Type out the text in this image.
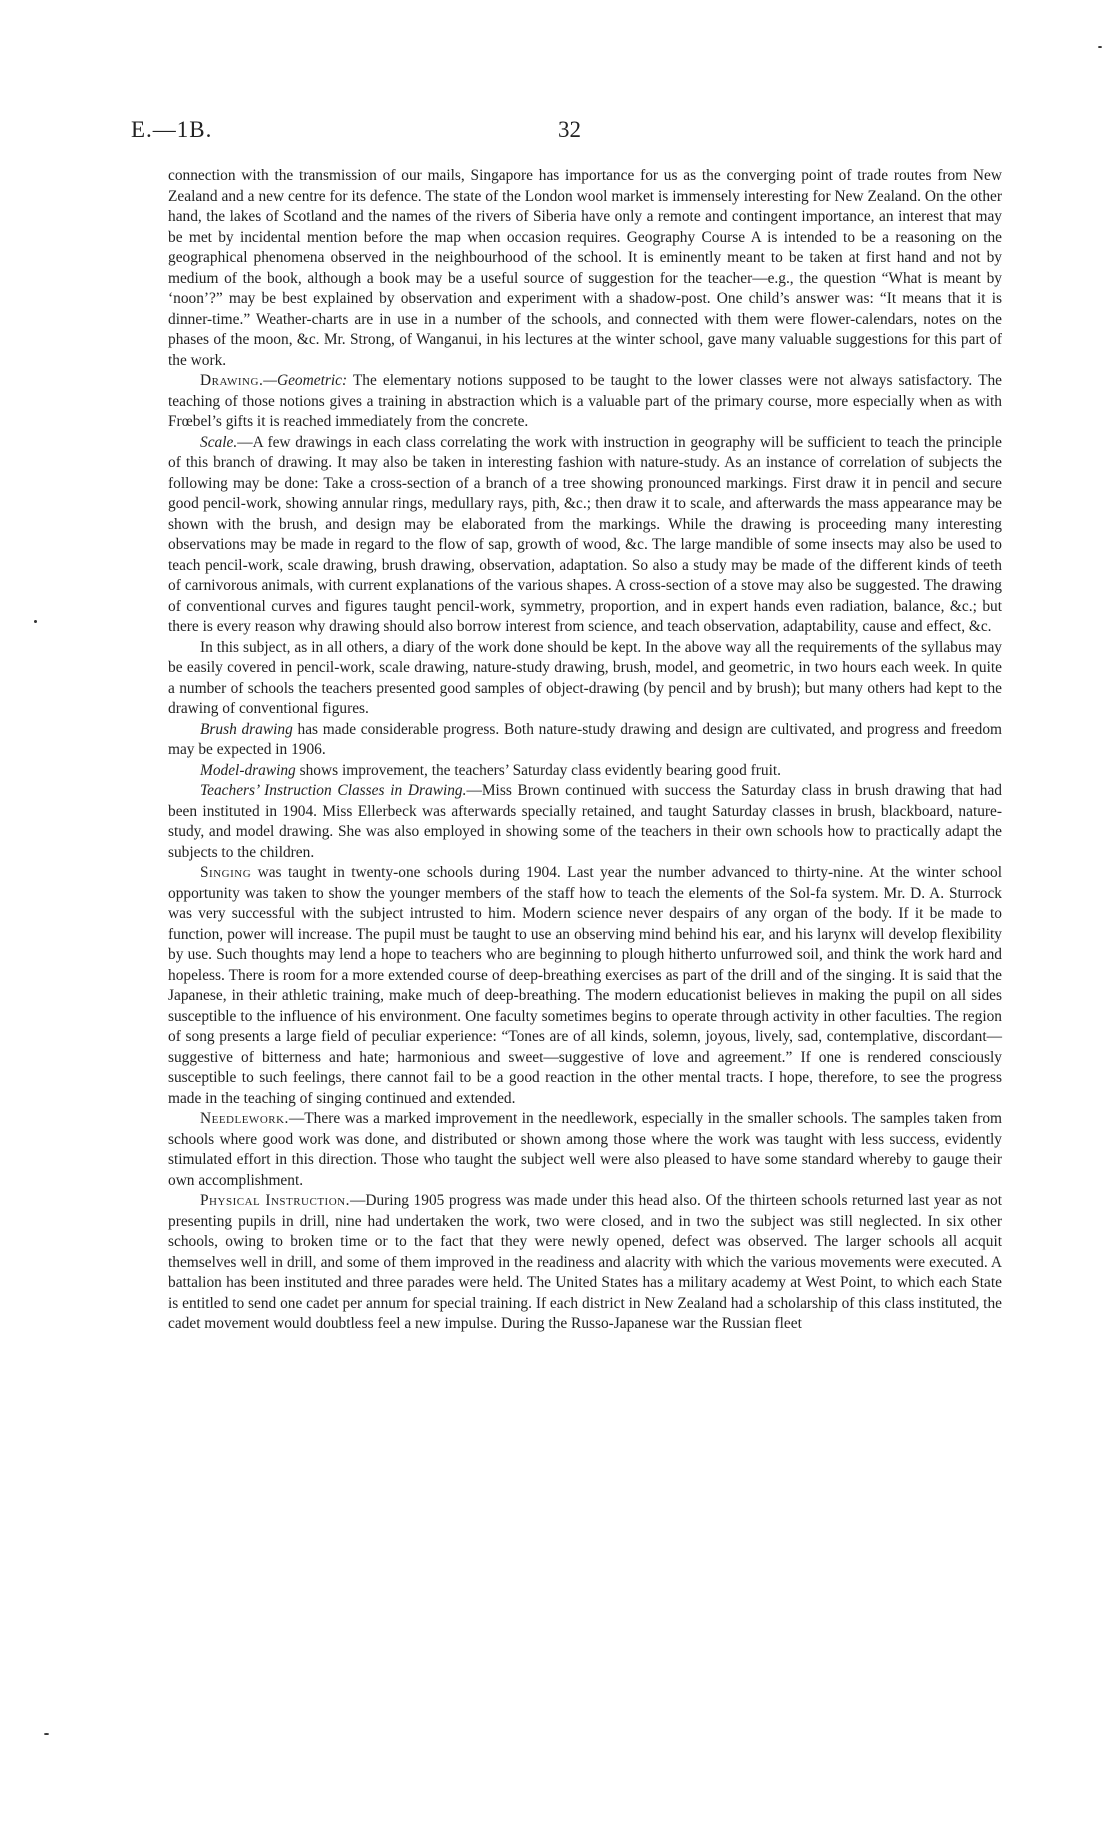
E.—1B.	32

connection with the transmission of our mails, Singapore has importance for us as the converging point of trade routes from New Zealand and a new centre for its defence. The state of the London wool market is immensely interesting for New Zealand. On the other hand, the lakes of Scotland and the names of the rivers of Siberia have only a remote and contingent importance, an interest that may be met by incidental mention before the map when occasion requires. Geography Course A is intended to be a reasoning on the geographical phenomena observed in the neighbourhood of the school. It is eminently meant to be taken at first hand and not by medium of the book, although a book may be a useful source of suggestion for the teacher—e.g., the question “What is meant by ‘noon’?” may be best explained by observation and experiment with a shadow-post. One child’s answer was: “It means that it is dinner-time.” Weather-charts are in use in a number of the schools, and connected with them were flower-calendars, notes on the phases of the moon, &c. Mr. Strong, of Wanganui, in his lectures at the winter school, gave many valuable suggestions for this part of the work.

Drawing.—Geometric: The elementary notions supposed to be taught to the lower classes were not always satisfactory. The teaching of those notions gives a training in abstraction which is a valuable part of the primary course, more especially when as with Frœbel’s gifts it is reached immediately from the concrete.

Scale.—A few drawings in each class correlating the work with instruction in geography will be sufficient to teach the principle of this branch of drawing. It may also be taken in interesting fashion with nature-study. As an instance of correlation of subjects the following may be done: Take a cross-section of a branch of a tree showing pronounced markings. First draw it in pencil and secure good pencil-work, showing annular rings, medullary rays, pith, &c.; then draw it to scale, and afterwards the mass appearance may be shown with the brush, and design may be elaborated from the markings. While the drawing is proceeding many interesting observations may be made in regard to the flow of sap, growth of wood, &c. The large mandible of some insects may also be used to teach pencil-work, scale drawing, brush drawing, observation, adaptation. So also a study may be made of the different kinds of teeth of carnivorous animals, with current explanations of the various shapes. A cross-section of a stove may also be suggested. The drawing of conventional curves and figures taught pencil-work, symmetry, proportion, and in expert hands even radiation, balance, &c.; but there is every reason why drawing should also borrow interest from science, and teach observation, adaptability, cause and effect, &c.

In this subject, as in all others, a diary of the work done should be kept. In the above way all the requirements of the syllabus may be easily covered in pencil-work, scale drawing, nature-study drawing, brush, model, and geometric, in two hours each week. In quite a number of schools the teachers presented good samples of object-drawing (by pencil and by brush); but many others had kept to the drawing of conventional figures.

Brush drawing has made considerable progress. Both nature-study drawing and design are cultivated, and progress and freedom may be expected in 1906.

Model-drawing shows improvement, the teachers’ Saturday class evidently bearing good fruit.

Teachers’ Instruction Classes in Drawing.—Miss Brown continued with success the Saturday class in brush drawing that had been instituted in 1904. Miss Ellerbeck was afterwards specially retained, and taught Saturday classes in brush, blackboard, nature-study, and model drawing. She was also employed in showing some of the teachers in their own schools how to practically adapt the subjects to the children.

Singing was taught in twenty-one schools during 1904. Last year the number advanced to thirty-nine. At the winter school opportunity was taken to show the younger members of the staff how to teach the elements of the Sol-fa system. Mr. D. A. Sturrock was very successful with the subject intrusted to him. Modern science never despairs of any organ of the body. If it be made to function, power will increase. The pupil must be taught to use an observing mind behind his ear, and his larynx will develop flexibility by use. Such thoughts may lend a hope to teachers who are beginning to plough hitherto unfurrowed soil, and think the work hard and hopeless. There is room for a more extended course of deep-breathing exercises as part of the drill and of the singing. It is said that the Japanese, in their athletic training, make much of deep-breathing. The modern educationist believes in making the pupil on all sides susceptible to the influence of his environment. One faculty sometimes begins to operate through activity in other faculties. The region of song presents a large field of peculiar experience: “Tones are of all kinds, solemn, joyous, lively, sad, contemplative, discordant—suggestive of bitterness and hate; harmonious and sweet—suggestive of love and agreement.” If one is rendered consciously susceptible to such feelings, there cannot fail to be a good reaction in the other mental tracts. I hope, therefore, to see the progress made in the teaching of singing continued and extended.

Needlework.—There was a marked improvement in the needlework, especially in the smaller schools. The samples taken from schools where good work was done, and distributed or shown among those where the work was taught with less success, evidently stimulated effort in this direction. Those who taught the subject well were also pleased to have some standard whereby to gauge their own accomplishment.

Physical Instruction.—During 1905 progress was made under this head also. Of the thirteen schools returned last year as not presenting pupils in drill, nine had undertaken the work, two were closed, and in two the subject was still neglected. In six other schools, owing to broken time or to the fact that they were newly opened, defect was observed. The larger schools all acquit themselves well in drill, and some of them improved in the readiness and alacrity with which the various movements were executed. A battalion has been instituted and three parades were held. The United States has a military academy at West Point, to which each State is entitled to send one cadet per annum for special training. If each district in New Zealand had a scholarship of this class instituted, the cadet movement would doubtless feel a new impulse. During the Russo-Japanese war the Russian fleet
